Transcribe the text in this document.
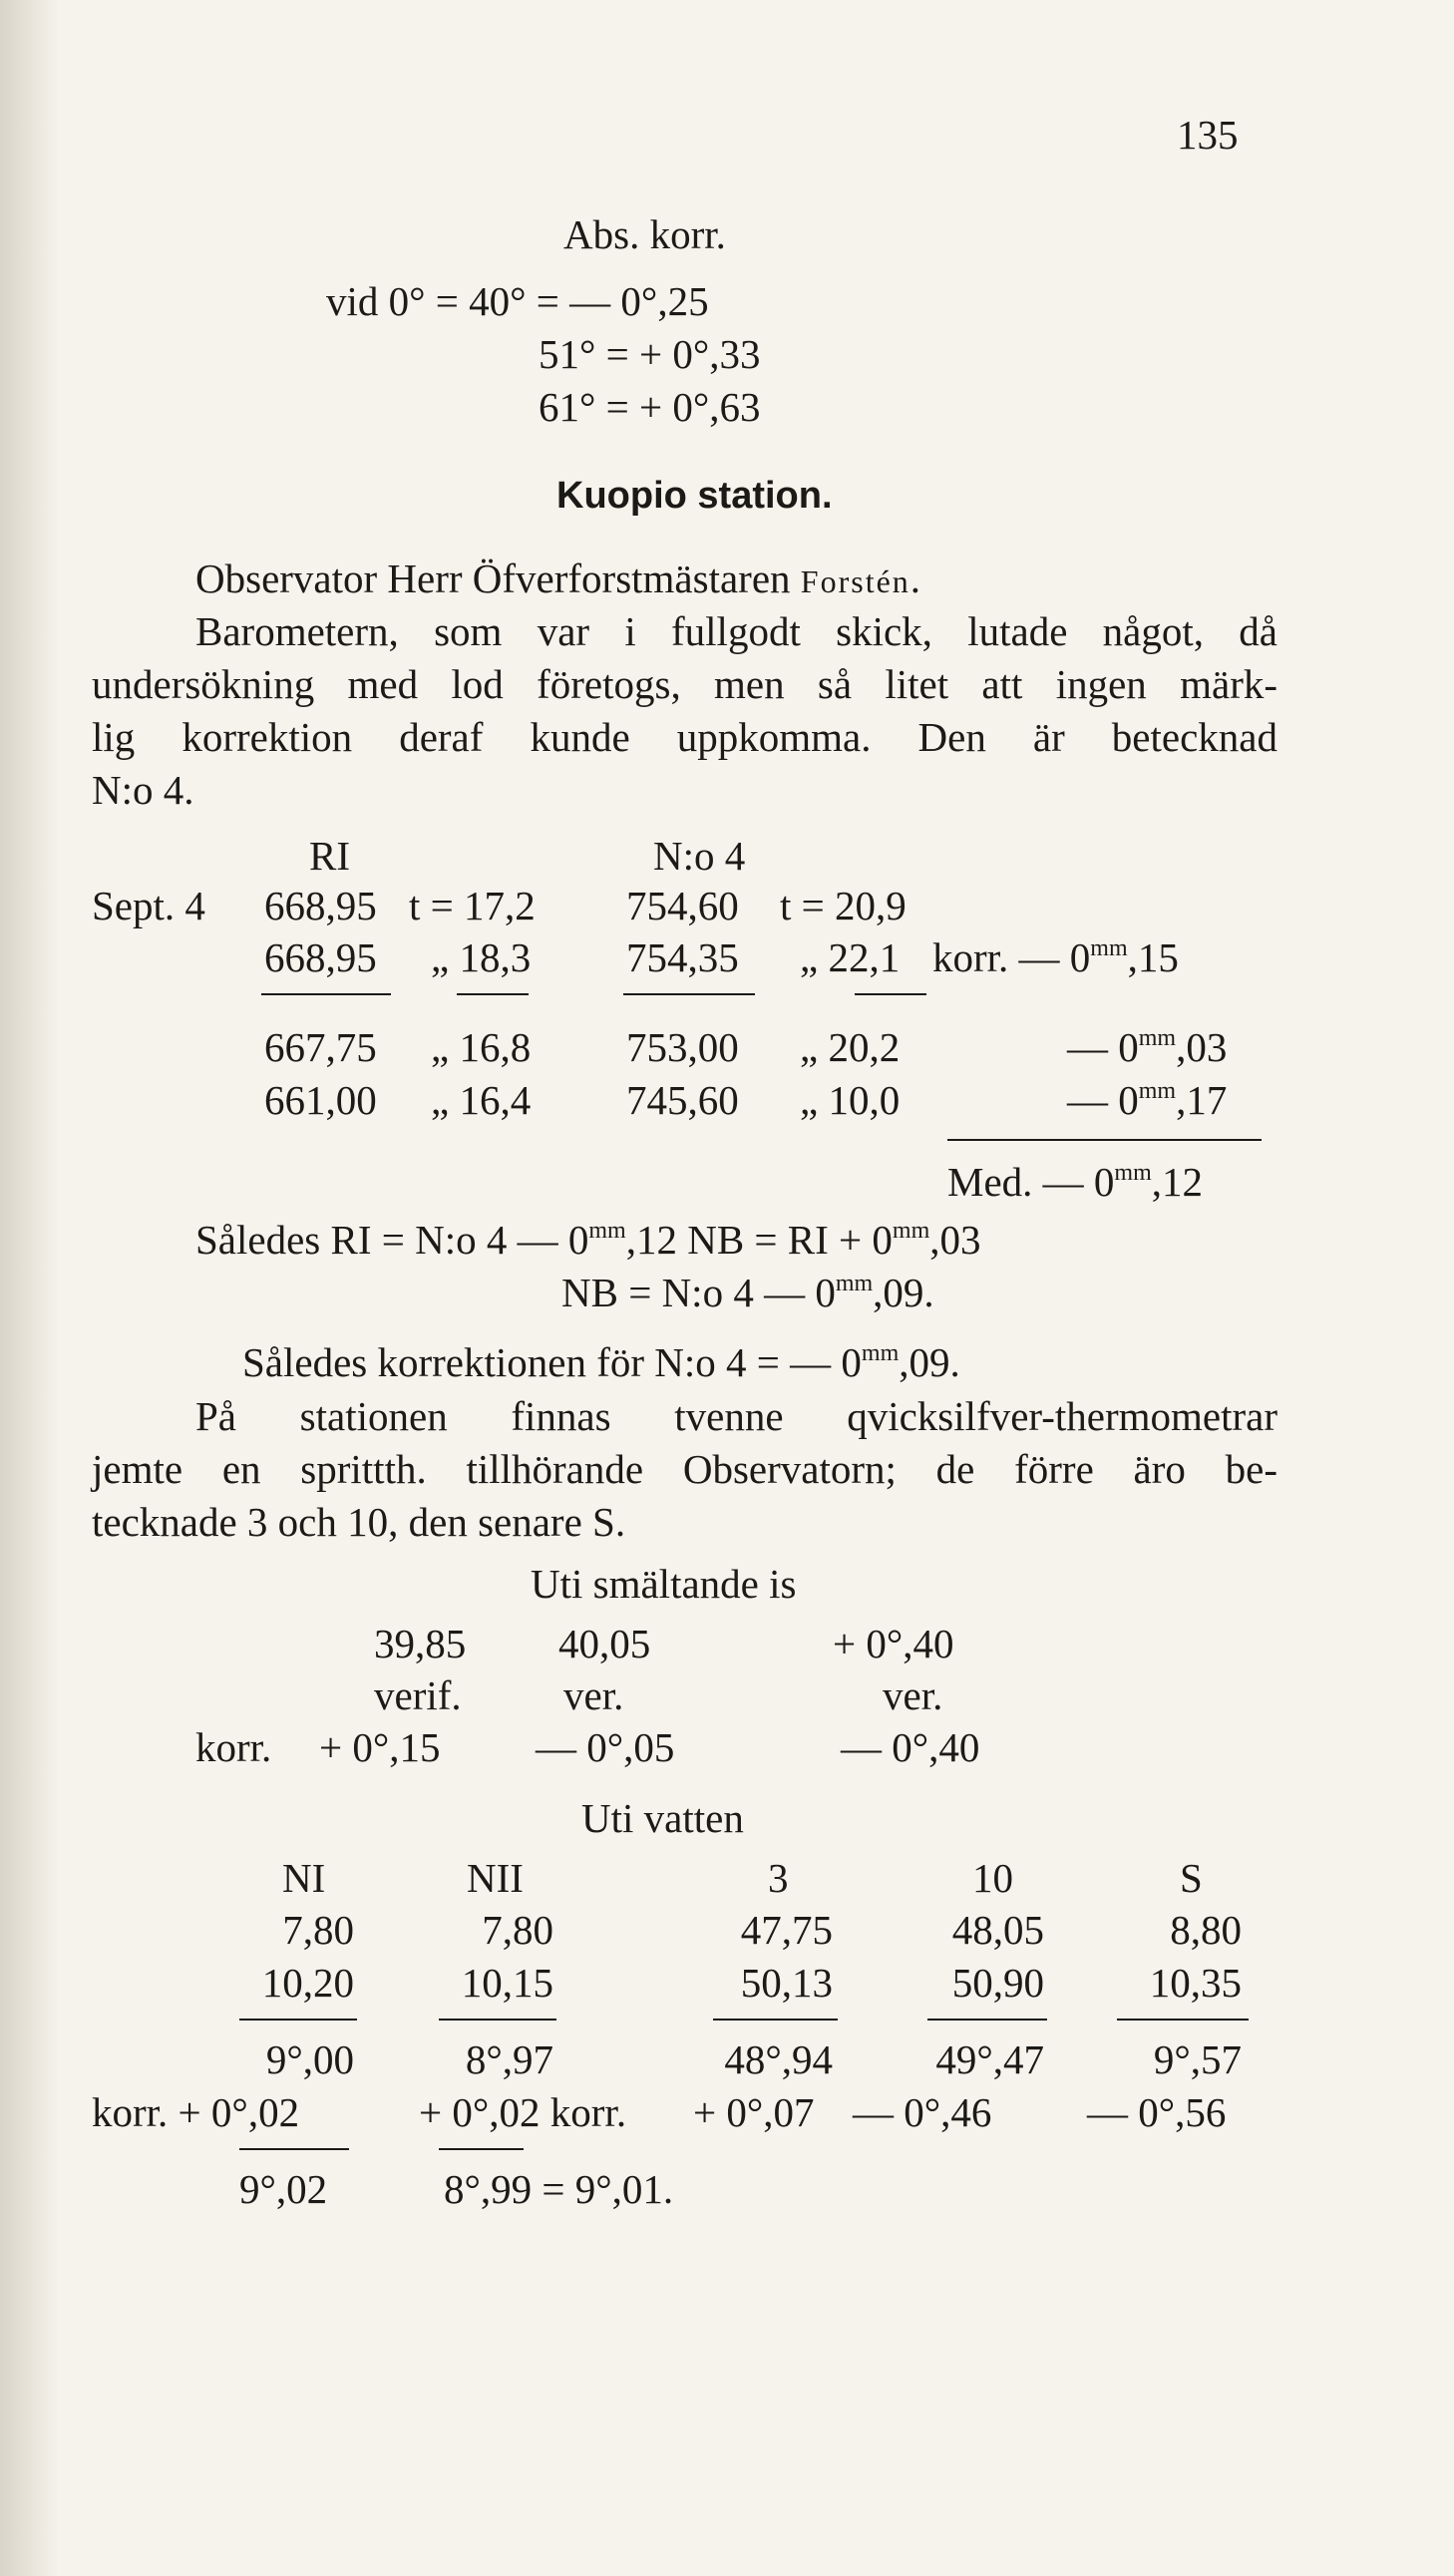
135
Abs. korr.
vid 0° = 40° = — 0°,25
51° = + 0°,33
61° = + 0°,63
Kuopio station.
Observator Herr Öfverforstmästaren Forstén.
Barometern, som var i fullgodt skick, lutade något, då
undersökning med lod företogs, men så litet att ingen märk-
lig korrektion deraf kunde uppkomma. Den är betecknad
N:o 4.
RI	N:o 4
Sept. 4 668,95 t = 17,2 754,60 t = 20,9
668,95 „ 18,3 754,35 „ 22,1 korr. — $0^{mm},15$
667,75 „ 16,8 753,00 „ 20,2	— $0^{mm},03$
661,00 „ 16,4 745,60 „ 10,0	— $0^{mm},17$
Med. — $0^{mm},12$
Således RI = N:o 4 — $0^{mm},12$ NB = RI + $0^{mm},03$
NB = N:o 4 — $0^{mm},09$.
Således korrektionen för N:o 4 = — $0^{mm},09$.
På stationen finnas tvenne qvicksilfver-thermometrar
jemte en sprittth. tillhörande Observatorn; de förre äro be-
tecknade 3 och 10, den senare S.
Uti smältande is
39,85 40,05	+ 0°,40
verif. ver.	ver.
korr. + 0°,15 — 0°,05	— 0°,40
Uti vatten
NI	NII	3	10	S
7,80	7,80	47,75	48,05	8,80
10,20	10,15	50,13	50,90	10,35
9°,00	8°,97	48°,94	49°,47	9°,57
korr. + 0°,02	+ 0°,02 korr. + 0°,07 — 0°,46 — 0°,56
9°,02	8°,99 = 9°,01.
